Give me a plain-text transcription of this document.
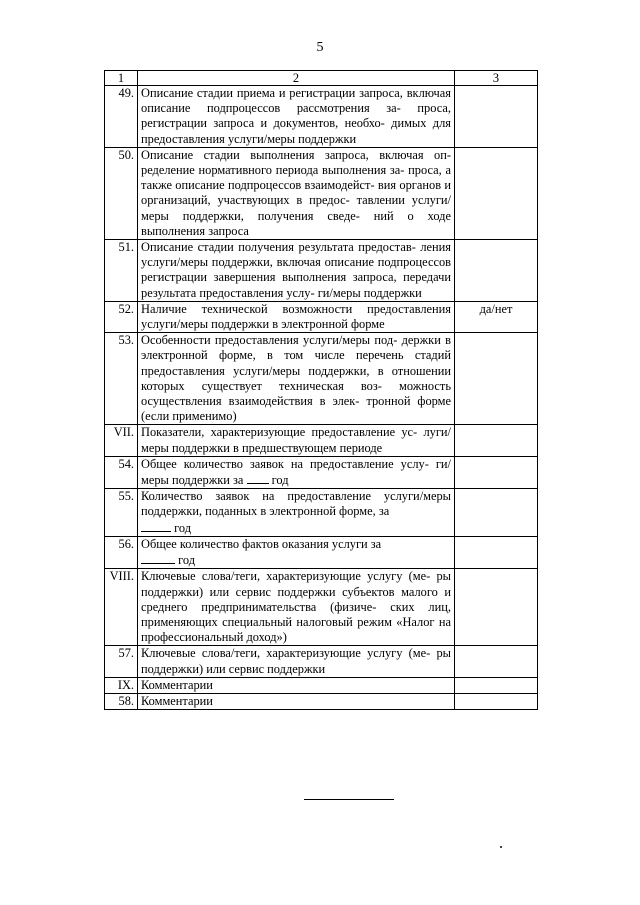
5
1	2	3
49.	Описание стадии приема и регистрации запроса, включая описание подпроцессов рассмотрения за- проса, регистрации запроса и документов, необхо- димых для предоставления услуги/меры поддержки	
50.	Описание стадии выполнения запроса, включая оп- ределение нормативного периода выполнения за- проса, а также описание подпроцессов взаимодейст- вия органов и организаций, участвующих в предос- тавлении услуги/меры поддержки, получения сведе- ний о ходе выполнения запроса	
51.	Описание стадии получения результата предостав- ления услуги/меры поддержки, включая описание подпроцессов регистрации завершения выполнения запроса, передачи результата предоставления услу- ги/меры поддержки	
52.	Наличие технической возможности предоставления услуги/меры поддержки в электронной форме	да/нет
53.	Особенности предоставления услуги/меры под- держки в электронной форме, в том числе перечень стадий предоставления услуги/меры поддержки, в отношении которых существует техническая воз- можность осуществления взаимодействия в элек- тронной форме (если применимо)	
VII.	Показатели, характеризующие предоставление ус- луги/меры поддержки в предшествующем периоде	
54.	Общее количество заявок на предоставление услу- ги/меры поддержки за год	
55.	Количество заявок на предоставление услуги/меры поддержки, поданных в электронной форме, за
год	
56.	Общее количество фактов оказания услуги за
год	
VIII.	Ключевые слова/теги, характеризующие услугу (ме- ры поддержки) или сервис поддержки субъектов малого и среднего предпринимательства (физиче- ских лиц, применяющих специальный налоговый режим «Налог на профессиональный доход»)	
57.	Ключевые слова/теги, характеризующие услугу (ме- ры поддержки) или сервис поддержки	
IX.	Комментарии	
58.	Комментарии	
